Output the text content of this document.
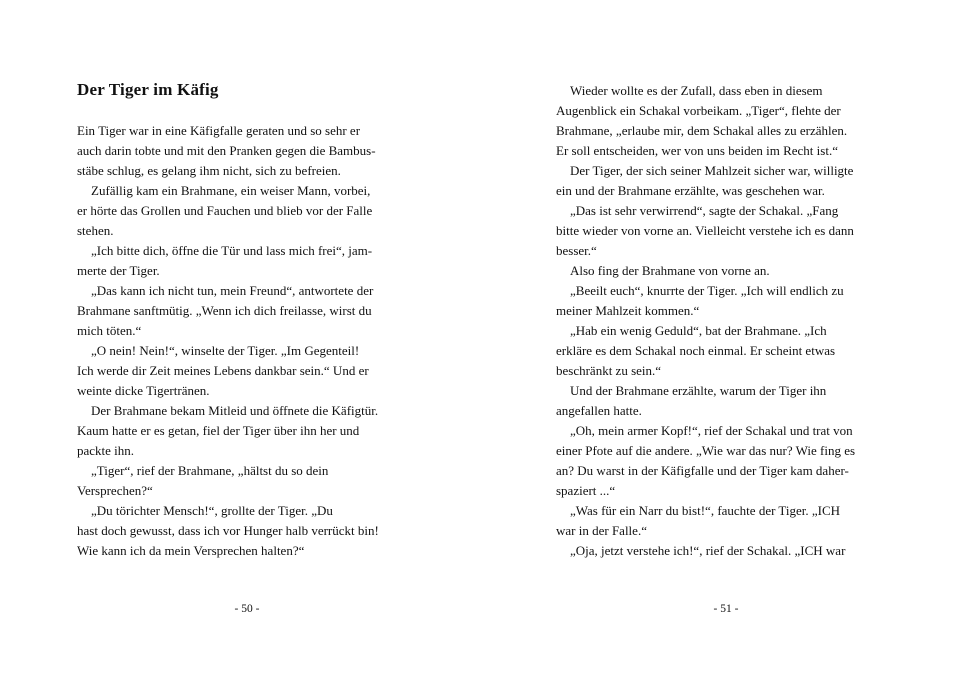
Der Tiger im Käfig
Ein Tiger war in eine Käfigfalle geraten und so sehr er
auch darin tobte und mit den Pranken gegen die Bambus-
stäbe schlug, es gelang ihm nicht, sich zu befreien.
Zufällig kam ein Brahmane, ein weiser Mann, vorbei,
er hörte das Grollen und Fauchen und blieb vor der Falle
stehen.
„Ich bitte dich, öffne die Tür und lass mich frei“, jam-
merte der Tiger.
„Das kann ich nicht tun, mein Freund“, antwortete der
Brahmane sanftmütig. „Wenn ich dich freilasse, wirst du
mich töten.“
„O nein! Nein!“, winselte der Tiger. „Im Gegenteil!
Ich werde dir Zeit meines Lebens dankbar sein.“ Und er
weinte dicke Tigertränen.
Der Brahmane bekam Mitleid und öffnete die Käfigtür.
Kaum hatte er es getan, fiel der Tiger über ihn her und
packte ihn.
„Tiger“, rief der Brahmane, „hältst du so dein
Versprechen?“
„Du törichter Mensch!“, grollte der Tiger. „Du
hast doch gewusst, dass ich vor Hunger halb verrückt bin!
Wie kann ich da mein Versprechen halten?“
- 50 -
Wieder wollte es der Zufall, dass eben in diesem
Augenblick ein Schakal vorbeikam. „Tiger“, flehte der
Brahmane, „erlaube mir, dem Schakal alles zu erzählen.
Er soll entscheiden, wer von uns beiden im Recht ist.“
Der Tiger, der sich seiner Mahlzeit sicher war, willigte
ein und der Brahmane erzählte, was geschehen war.
„Das ist sehr verwirrend“, sagte der Schakal. „Fang
bitte wieder von vorne an. Vielleicht verstehe ich es dann
besser.“
Also fing der Brahmane von vorne an.
„Beeilt euch“, knurrte der Tiger. „Ich will endlich zu
meiner Mahlzeit kommen.“
„Hab ein wenig Geduld“, bat der Brahmane. „Ich
erkläre es dem Schakal noch einmal. Er scheint etwas
beschränkt zu sein.“
Und der Brahmane erzählte, warum der Tiger ihn
angefallen hatte.
„Oh, mein armer Kopf!“, rief der Schakal und trat von
einer Pfote auf die andere. „Wie war das nur? Wie fing es
an? Du warst in der Käfigfalle und der Tiger kam daher-
spaziert ...“
„Was für ein Narr du bist!“, fauchte der Tiger. „ICH
war in der Falle.“
„Oja, jetzt verstehe ich!“, rief der Schakal. „ICH war
- 51 -
